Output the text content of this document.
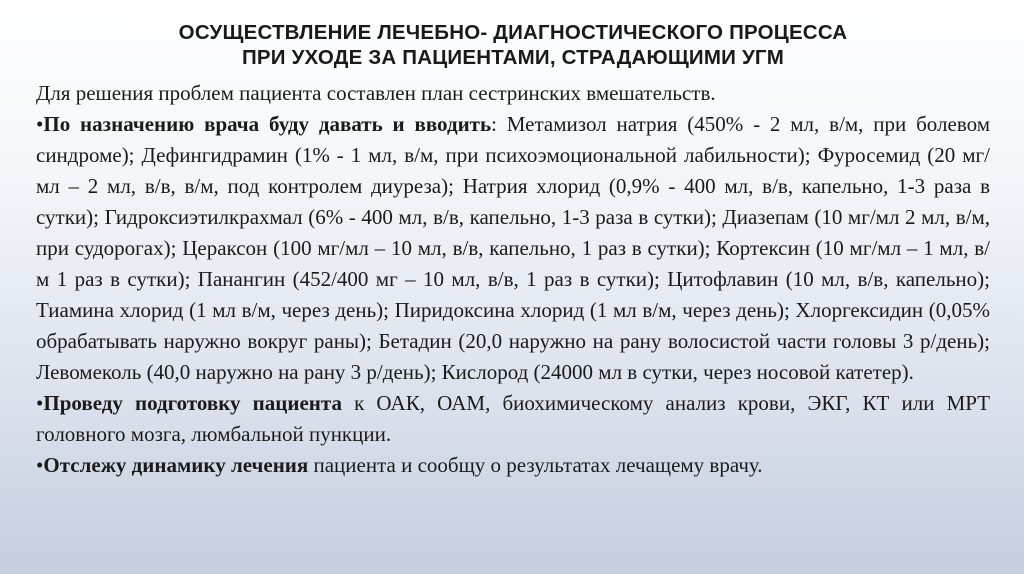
ОСУЩЕСТВЛЕНИЕ ЛЕЧЕБНО- ДИАГНОСТИЧЕСКОГО ПРОЦЕССА
ПРИ УХОДЕ ЗА ПАЦИЕНТАМИ, СТРАДАЮЩИМИ УГМ

Для решения проблем пациента составлен план сестринских вмешательств.

•По назначению врача буду давать и вводить: Метамизол натрия (450% - 2 мл, в/м, при болевом синдроме); Дефингидрамин (1% - 1 мл, в/м, при психоэмоциональной лабильности); Фуросемид (20 мг/мл – 2 мл, в/в, в/м, под контролем диуреза); Натрия хлорид (0,9% - 400 мл, в/в, капельно, 1-3 раза в сутки); Гидроксиэтилкрахмал (6% - 400 мл, в/в, капельно, 1-3 раза в сутки); Диазепам (10 мг/мл 2 мл, в/м, при судорогах); Цераксон (100 мг/мл – 10 мл, в/в, капельно, 1 раз в сутки); Кортексин (10 мг/мл – 1 мл, в/м 1 раз в сутки); Панангин (452/400 мг – 10 мл, в/в, 1 раз в сутки); Цитофлавин (10 мл, в/в, капельно); Тиамина хлорид (1 мл в/м, через день); Пиридоксина хлорид (1 мл в/м, через день); Хлоргексидин (0,05% обрабатывать наружно вокруг раны); Бетадин (20,0 наружно на рану волосистой части головы 3 р/день); Левомеколь (40,0 наружно на рану 3 р/день); Кислород (24000 мл в сутки, через носовой катетер).

•Проведу подготовку пациента к ОАК, ОАМ, биохимическому анализ крови, ЭКГ, КТ или МРТ головного мозга, люмбальной пункции.

•Отслежу динамику лечения пациента и сообщу о результатах лечащему врачу.
